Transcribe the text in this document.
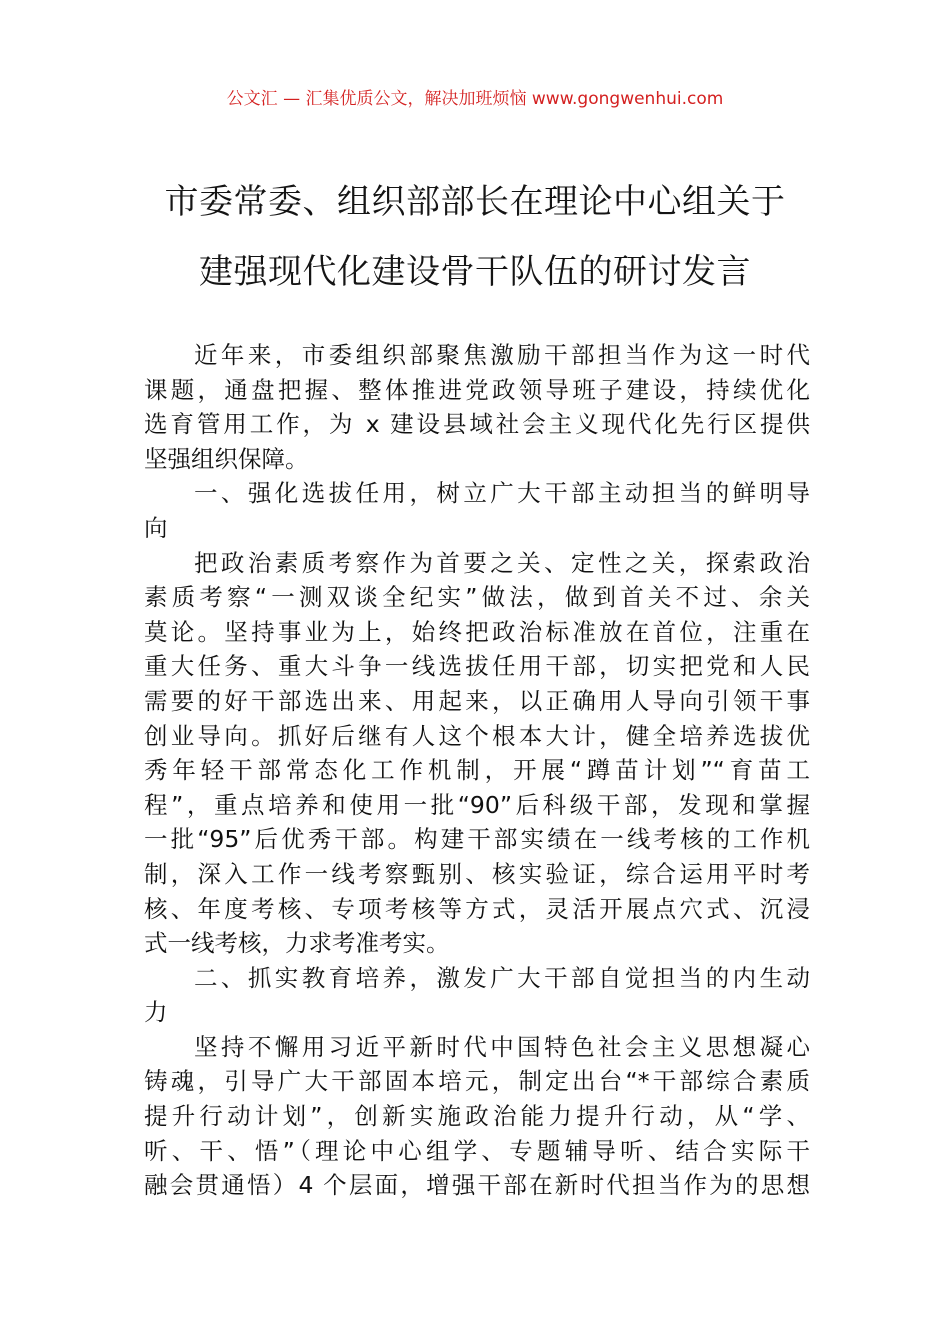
公文汇 — 汇集优质公文，解决加班烦恼 www.gongwenhui.com
市委常委、组织部部长在理论中心组关于
建强现代化建设骨干队伍的研讨发言
近年来，市委组织部聚焦激励干部担当作为这一时代
课题，通盘把握、整体推进党政领导班子建设，持续优化
选育管用工作，为 x 建设县域社会主义现代化先行区提供
坚强组织保障。
一、强化选拔任用，树立广大干部主动担当的鲜明导
向
把政治素质考察作为首要之关、定性之关，探索政治
素质考察“一测双谈全纪实”做法，做到首关不过、余关
莫论。坚持事业为上，始终把政治标准放在首位，注重在
重大任务、重大斗争一线选拔任用干部，切实把党和人民
需要的好干部选出来、用起来，以正确用人导向引领干事
创业导向。抓好后继有人这个根本大计，健全培养选拔优
秀年轻干部常态化工作机制，开展“蹲苗计划”“育苗工
程”，重点培养和使用一批“90”后科级干部，发现和掌握
一批“95”后优秀干部。构建干部实绩在一线考核的工作机
制，深入工作一线考察甄别、核实验证，综合运用平时考
核、年度考核、专项考核等方式，灵活开展点穴式、沉浸
式一线考核，力求考准考实。
二、抓实教育培养，激发广大干部自觉担当的内生动
力
坚持不懈用习近平新时代中国特色社会主义思想凝心
铸魂，引导广大干部固本培元，制定出台“*干部综合素质
提升行动计划”，创新实施政治能力提升行动，从“学、
听、干、悟”（理论中心组学、专题辅导听、结合实际干
融会贯通悟）4 个层面，增强干部在新时代担当作为的思想
